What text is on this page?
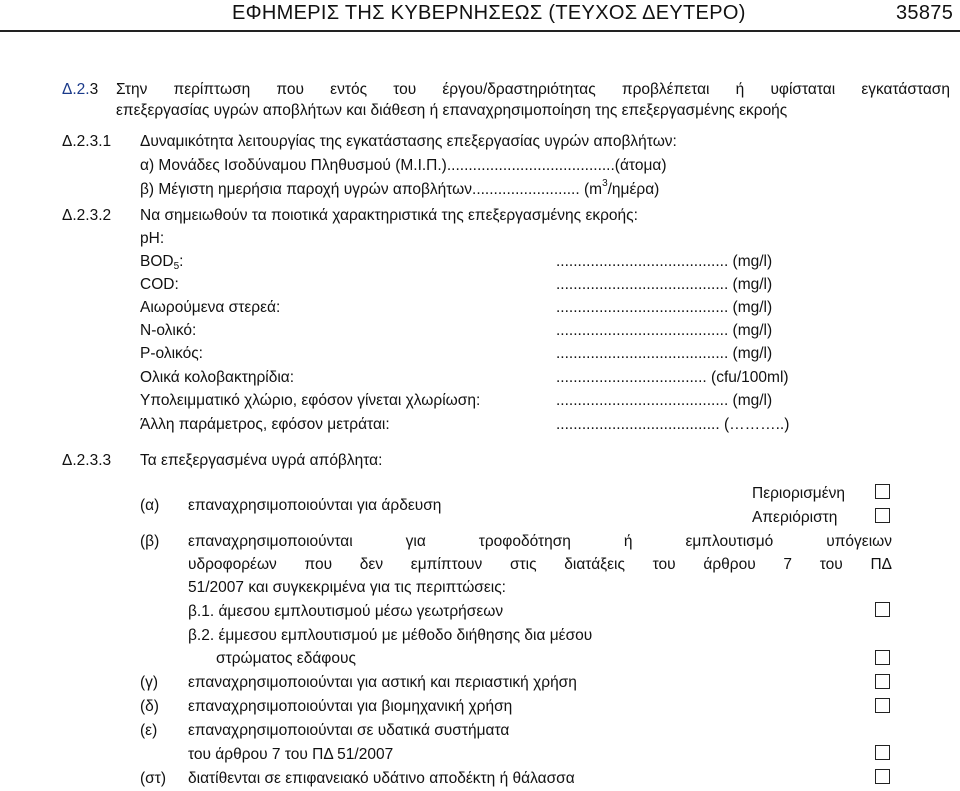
ΕΦΗΜΕΡΙΣ ΤΗΣ ΚΥΒΕΡΝΗΣΕΩΣ (ΤΕΥΧΟΣ ΔΕΥΤΕΡΟ)	35875
Δ.2.3 Στην περίπτωση που εντός του έργου/δραστηριότητας προβλέπεται ή υφίσταται εγκατάσταση
επεξεργασίας υγρών αποβλήτων και διάθεση ή επαναχρησιμοποίηση της επεξεργασμένης εκροής
Δ.2.3.1 Δυναμικότητα λειτουργίας της εγκατάστασης επεξεργασίας υγρών αποβλήτων:
α) Μονάδες Ισοδύναμου Πληθυσμού (Μ.Ι.Π.).......................................(άτομα)
β) Μέγιστη ημερήσια παροχή υγρών αποβλήτων......................... $(m^3/\eta\mu έ\rho\alpha)$
Δ.2.3.2 Να σημειωθούν τα ποιοτικά χαρακτηριστικά της επεξεργασμένης εκροής:
pH:
$BOD_5$:	........................................ (mg/l)
COD:	........................................ (mg/l)
Αιωρούμενα στερεά:	........................................ (mg/l)
Ν-ολικό:	........................................ (mg/l)
Ρ-ολικός:	........................................ (mg/l)
Ολικά κολοβακτηρίδια:	................................... (cfu/100ml)
Υπολειμματικό χλώριο, εφόσον γίνεται χλωρίωση:	........................................ (mg/l)
Άλλη παράμετρος, εφόσον μετράται:	...................................... (………..)
Δ.2.3.3 Τα επεξεργασμένα υγρά απόβλητα:
(α) επαναχρησιμοποιούνται για άρδευση
Περιορισμένη
Απεριόριστη
(β) επαναχρησιμοποιούνται για τροφοδότηση ή εμπλουτισμό υπόγειων
υδροφορέων που δεν εμπίπτουν στις διατάξεις του άρθρου 7 του ΠΔ
51/2007 και συγκεκριμένα για τις περιπτώσεις:
β.1. άμεσου εμπλουτισμού μέσω γεωτρήσεων
β.2. έμμεσου εμπλουτισμού με μέθοδο διήθησης δια μέσου
στρώματος εδάφους
(γ) επαναχρησιμοποιούνται για αστική και περιαστική χρήση
(δ) επαναχρησιμοποιούνται για βιομηχανική χρήση
(ε) επαναχρησιμοποιούνται σε υδατικά συστήματα
του άρθρου 7 του ΠΔ 51/2007
(στ) διατίθενται σε επιφανειακό υδάτινο αποδέκτη ή θάλασσα
